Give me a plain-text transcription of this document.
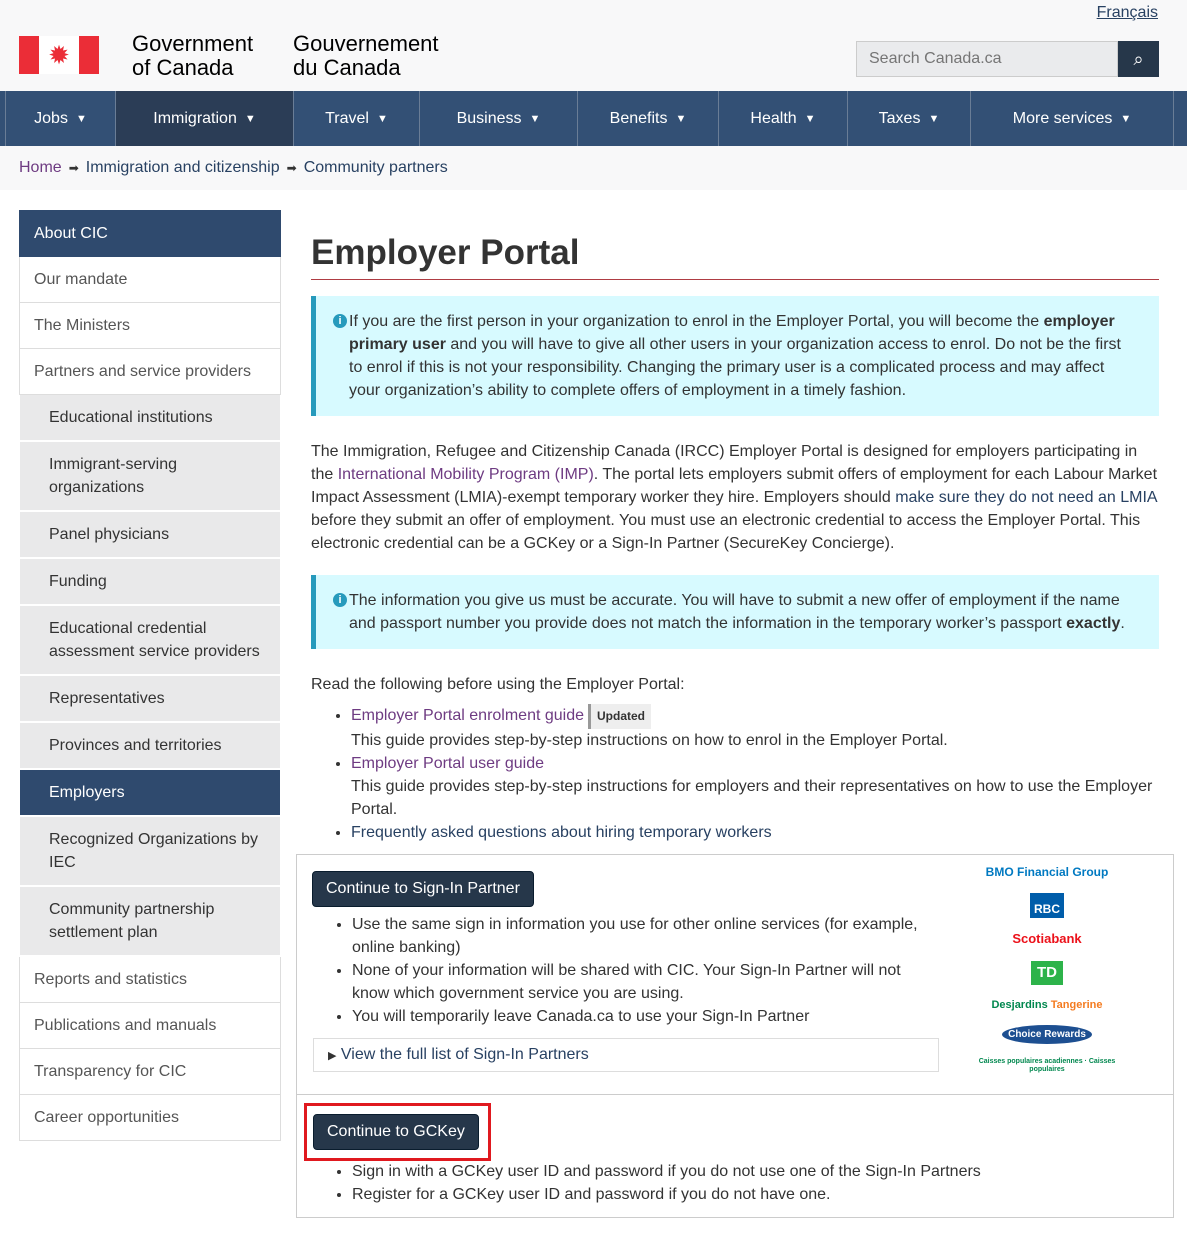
Français
✹	Government
of Canada
Gouvernement
du Canada
Search Canada.ca	⌕
Jobs ▼	Immigration ▼	Travel ▼	Business ▼	Benefits ▼	Health ▼	Taxes ▼	More services ▼
Home ➡ Immigration and citizenship ➡ Community partners
About CIC
Our mandate
The Ministers
Partners and service providers
Educational institutions
Immigrant-serving organizations
Panel physicians
Funding
Educational credential assessment service providers
Representatives
Provinces and territories
Employers
Recognized Organizations by IEC
Community partnership settlement plan
Reports and statistics
Publications and manuals
Transparency for CIC
Career opportunities
Employer Portal
i If you are the first person in your organization to enrol in the Employer Portal, you will become the employer primary user and you will have to give all other users in your organization access to enrol. Do not be the first to enrol if this is not your responsibility. Changing the primary user is a complicated process and may affect your organization’s ability to complete offers of employment in a timely fashion.

The Immigration, Refugee and Citizenship Canada (IRCC) Employer Portal is designed for employers participating in the International Mobility Program (IMP). The portal lets employers submit offers of employment for each Labour Market Impact Assessment (LMIA)-exempt temporary worker they hire. Employers should make sure they do not need an LMIA before they submit an offer of employment. You must use an electronic credential to access the Employer Portal. This electronic credential can be a GCKey or a Sign-In Partner (SecureKey Concierge).

i The information you give us must be accurate. You will have to submit a new offer of employment if the name and passport number you provide does not match the information in the temporary worker’s passport exactly.

Read the following before using the Employer Portal:

• Employer Portal enrolment guide Updated
This guide provides step-by-step instructions on how to enrol in the Employer Portal.
• Employer Portal user guide
This guide provides step-by-step instructions for employers and their representatives on how to use the Employer Portal.
• Frequently asked questions about hiring temporary workers
Continue to Sign-In Partner
• Use the same sign in information you use for other online services (for example, online banking)
• None of your information will be shared with CIC. Your Sign-In Partner will not know which government service you are using.
• You will temporarily leave Canada.ca to use your Sign-In Partner
▶ View the full list of Sign-In Partners
BMO Financial Group
RBC
Scotiabank
TD
Desjardins Tangerine
Choice Rewards
Caisses populaires acadiennes · Caisses populaires
Continue to GCKey
• Sign in with a GCKey user ID and password if you do not use one of the Sign-In Partners
• Register for a GCKey user ID and password if you do not have one.
